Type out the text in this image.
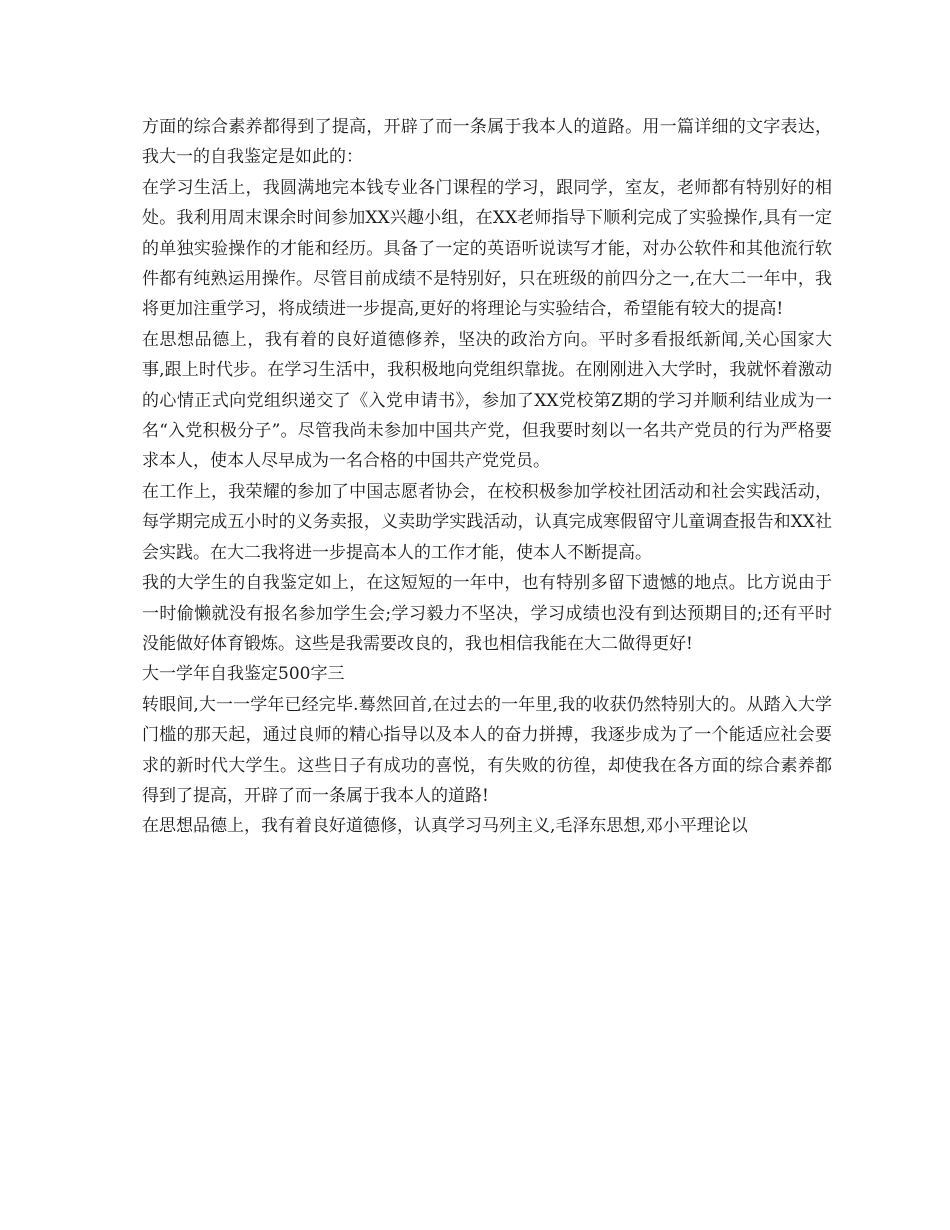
方面的综合素养都得到了提高，开辟了而一条属于我本人的道路。用一篇详细的文字表达，我大一的自我鉴定是如此的：

在学习生活上，我圆满地完本钱专业各门课程的学习，跟同学，室友，老师都有特别好的相处。我利用周末课余时间参加XX兴趣小组，在XX老师指导下顺利完成了实验操作,具有一定的单独实验操作的才能和经历。具备了一定的英语听说读写才能，对办公软件和其他流行软件都有纯熟运用操作。尽管目前成绩不是特别好，只在班级的前四分之一,在大二一年中，我将更加注重学习，将成绩进一步提高,更好的将理论与实验结合，希望能有较大的提高!

在思想品德上，我有着的良好道德修养，坚决的政治方向。平时多看报纸新闻,关心国家大事,跟上时代步。在学习生活中，我积极地向党组织靠拢。在刚刚进入大学时，我就怀着激动的心情正式向党组织递交了《入党申请书》，参加了XX党校第Z期的学习并顺利结业成为一名“入党积极分子”。尽管我尚未参加中国共产党，但我要时刻以一名共产党员的行为严格要求本人，使本人尽早成为一名合格的中国共产党党员。

在工作上，我荣耀的参加了中国志愿者协会，在校积极参加学校社团活动和社会实践活动，每学期完成五小时的义务卖报，义卖助学实践活动，认真完成寒假留守儿童调查报告和XX社会实践。在大二我将进一步提高本人的工作才能，使本人不断提高。

我的大学生的自我鉴定如上，在这短短的一年中，也有特别多留下遗憾的地点。比方说由于一时偷懒就没有报名参加学生会;学习毅力不坚决，学习成绩也没有到达预期目的;还有平时没能做好体育锻炼。这些是我需要改良的，我也相信我能在大二做得更好!

大一学年自我鉴定500字三

转眼间,大一一学年已经完毕.蓦然回首,在过去的一年里,我的收获仍然特别大的。从踏入大学门槛的那天起，通过良师的精心指导以及本人的奋力拼搏，我逐步成为了一个能适应社会要求的新时代大学生。这些日子有成功的喜悦，有失败的彷徨，却使我在各方面的综合素养都得到了提高，开辟了而一条属于我本人的道路!

在思想品德上，我有着良好道德修，认真学习马列主义,毛泽东思想,邓小平理论以
